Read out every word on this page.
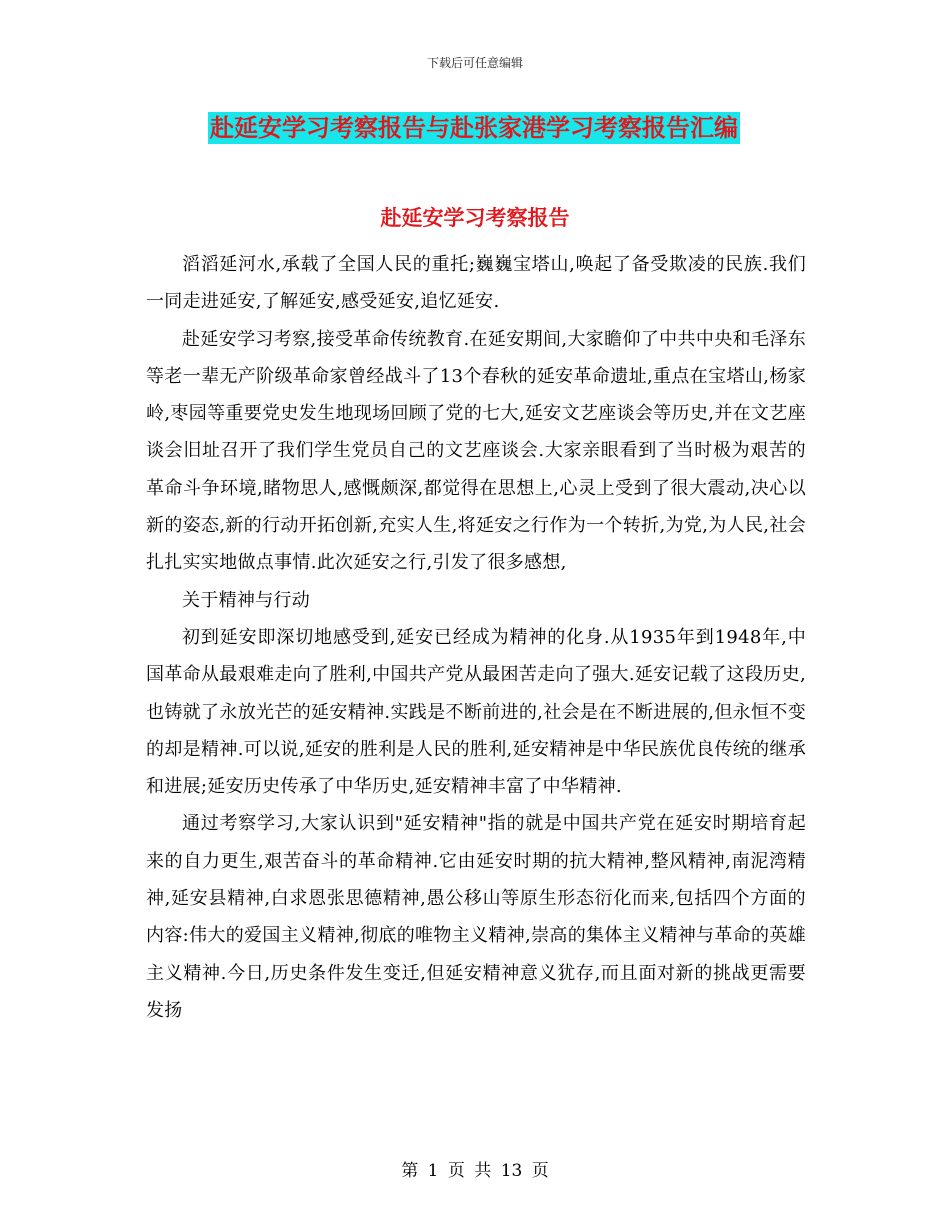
下载后可任意编辑
赴延安学习考察报告与赴张家港学习考察报告汇编
赴延安学习考察报告

滔滔延河水,承载了全国人民的重托;巍巍宝塔山,唤起了备受欺凌的民族.我们一同走进延安,了解延安,感受延安,追忆延安.

赴延安学习考察,接受革命传统教育.在延安期间,大家瞻仰了中共中央和毛泽东等老一辈无产阶级革命家曾经战斗了13个春秋的延安革命遗址,重点在宝塔山,杨家岭,枣园等重要党史发生地现场回顾了党的七大,延安文艺座谈会等历史,并在文艺座谈会旧址召开了我们学生党员自己的文艺座谈会.大家亲眼看到了当时极为艰苦的革命斗争环境,睹物思人,感慨颇深,都觉得在思想上,心灵上受到了很大震动,决心以新的姿态,新的行动开拓创新,充实人生,将延安之行作为一个转折,为党,为人民,社会扎扎实实地做点事情.此次延安之行,引发了很多感想,

关于精神与行动

初到延安即深切地感受到,延安已经成为精神的化身.从1935年到1948年,中国革命从最艰难走向了胜利,中国共产党从最困苦走向了强大.延安记载了这段历史,也铸就了永放光芒的延安精神.实践是不断前进的,社会是在不断进展的,但永恒不变的却是精神.可以说,延安的胜利是人民的胜利,延安精神是中华民族优良传统的继承和进展;延安历史传承了中华历史,延安精神丰富了中华精神.

通过考察学习,大家认识到"延安精神"指的就是中国共产党在延安时期培育起来的自力更生,艰苦奋斗的革命精神.它由延安时期的抗大精神,整风精神,南泥湾精神,延安县精神,白求恩张思德精神,愚公移山等原生形态衍化而来,包括四个方面的内容:伟大的爱国主义精神,彻底的唯物主义精神,崇高的集体主义精神与革命的英雄主义精神.今日,历史条件发生变迁,但延安精神意义犹存,而且面对新的挑战更需要发扬

第 1 页 共 13 页
